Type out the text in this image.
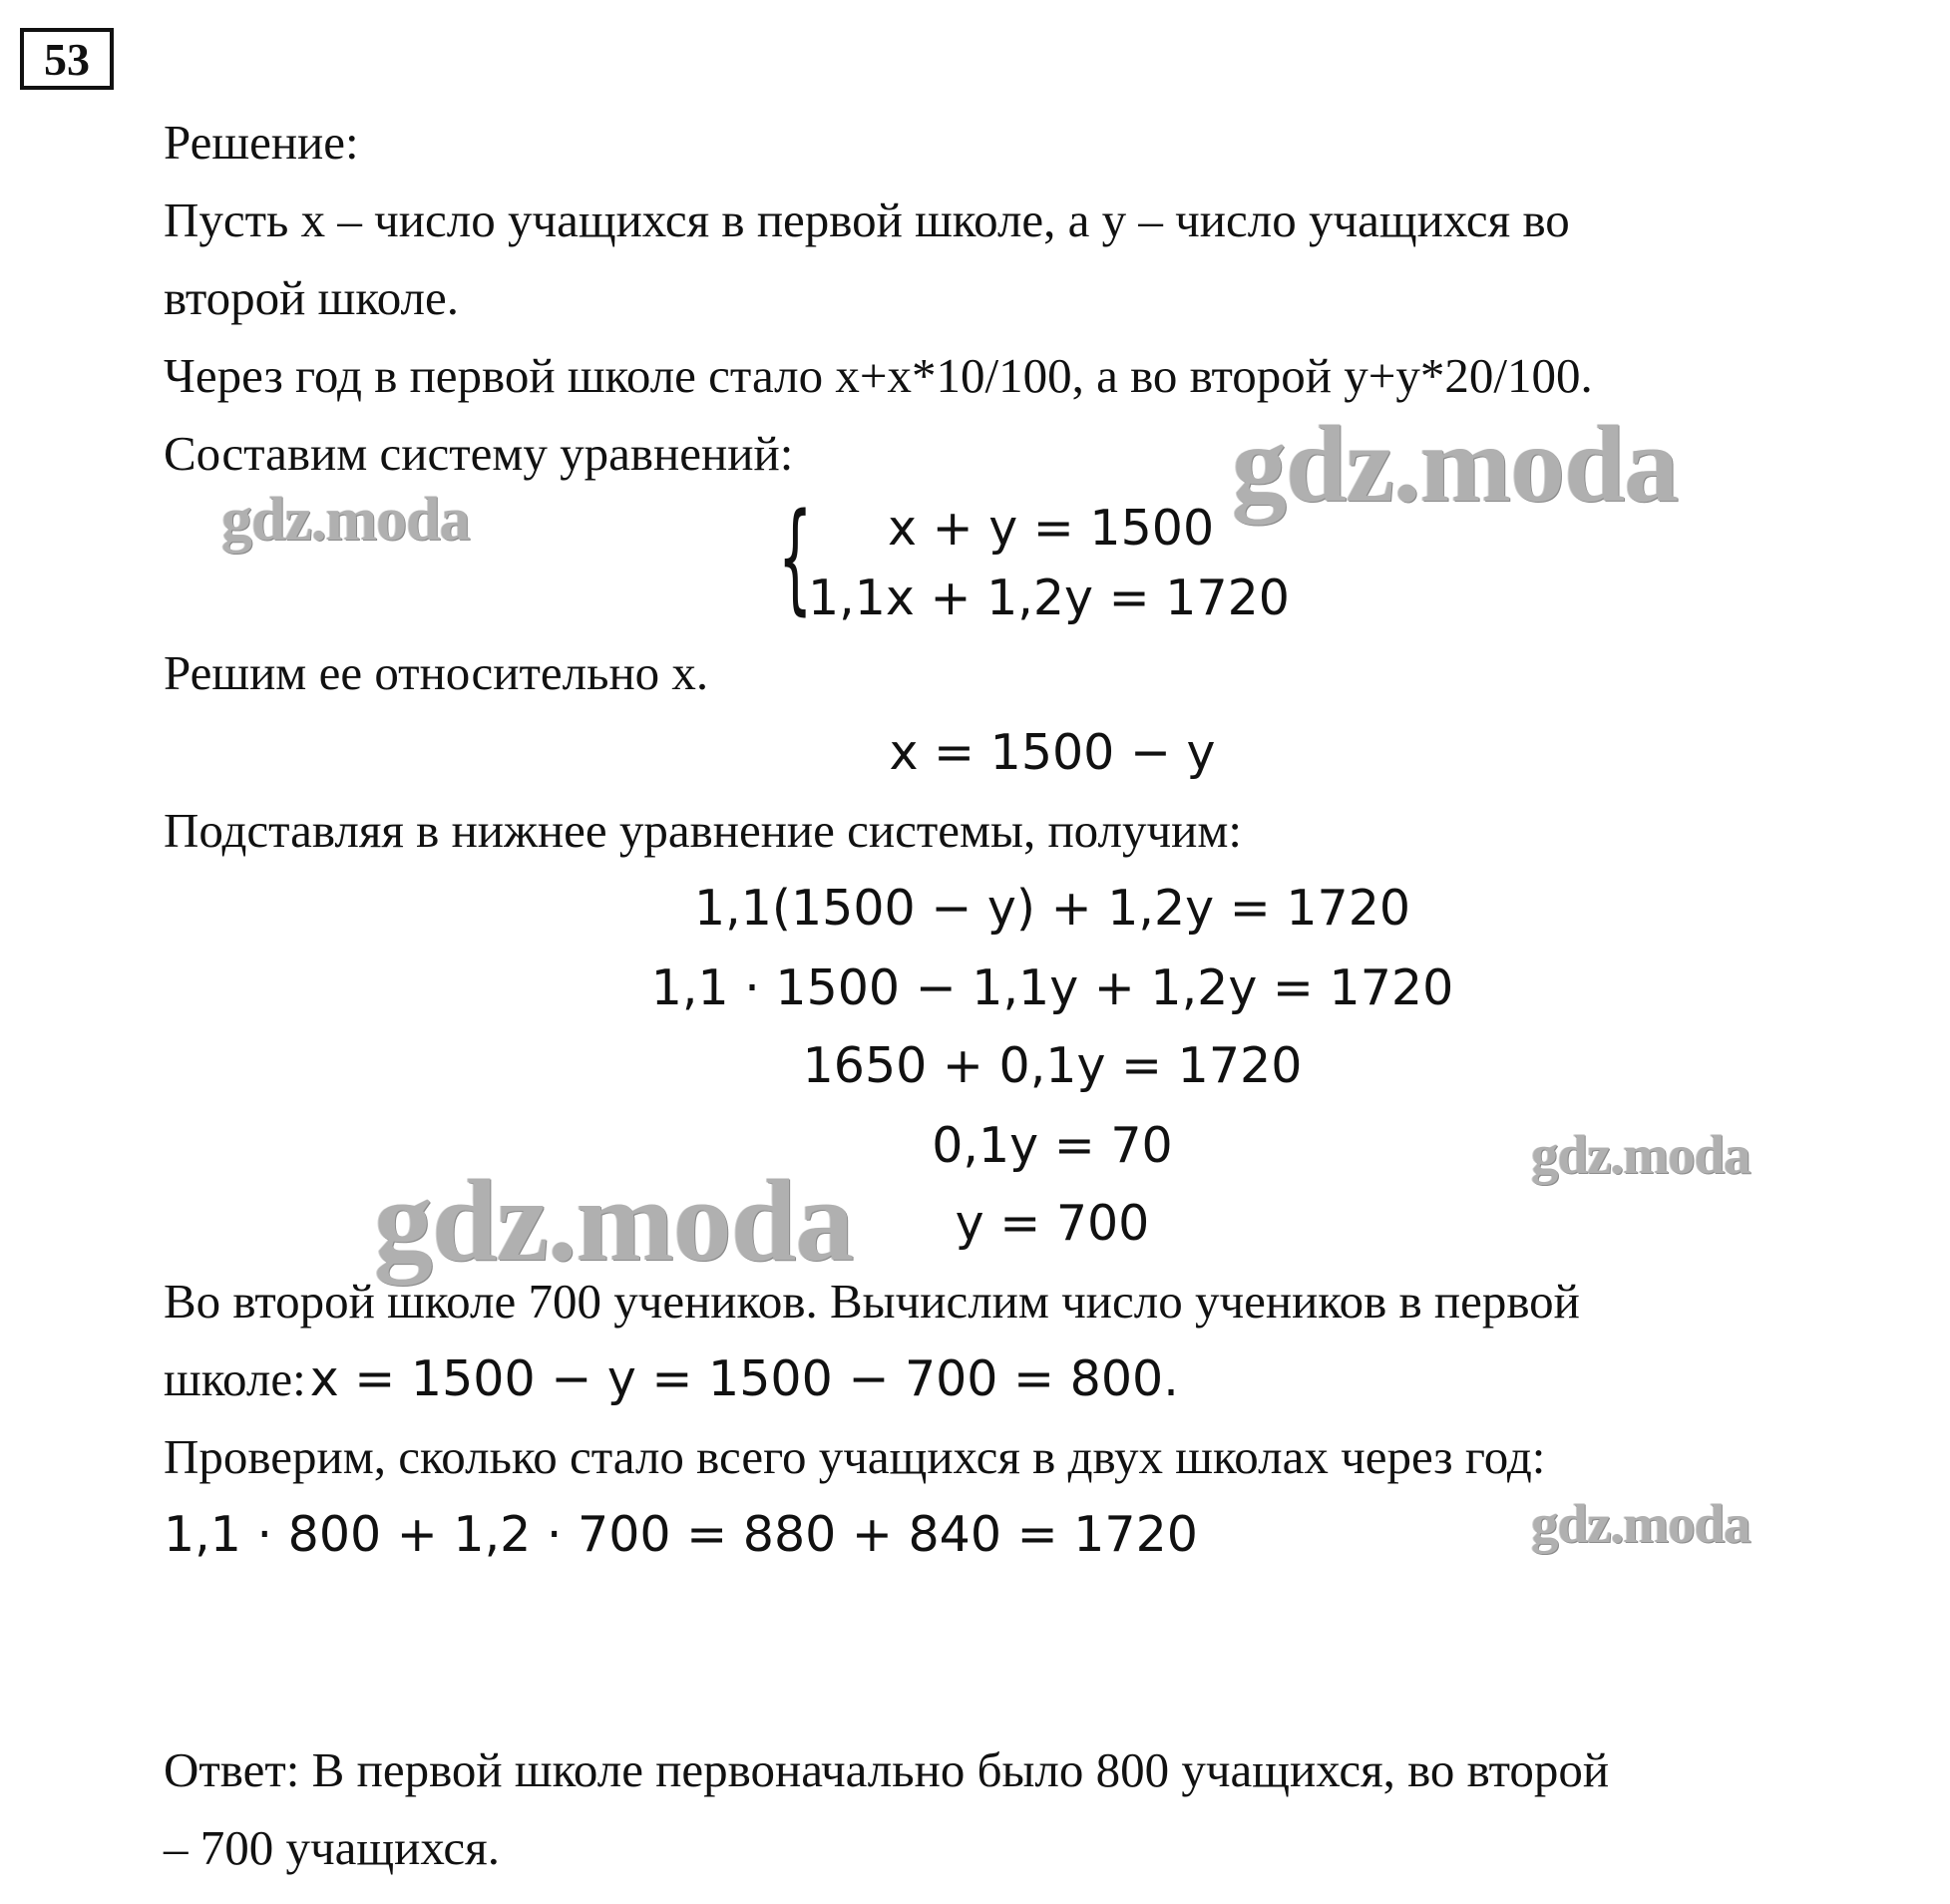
53
Решение:
Пусть x – число учащихся в первой школе, а y – число учащихся во
второй школе.
Через год в первой школе стало x+x*10/100, а во второй y+y*20/100.
Составим систему уравнений:
{ x + y = 1500
1,1x + 1,2y = 1720
Решим ее относительно x.
x = 1500 − y
Подставляя в нижнее уравнение системы, получим:
1,1(1500 − y) + 1,2y = 1720
1,1 · 1500 − 1,1y + 1,2y = 1720
1650 + 0,1y = 1720
0,1y = 70
y = 700
Во второй школе 700 учеников. Вычислим число учеников в первой
школе: x = 1500 − y = 1500 − 700 = 800.
Проверим, сколько стало всего учащихся в двух школах через год:
1,1 · 800 + 1,2 · 700 = 880 + 840 = 1720
Ответ: В первой школе первоначально было 800 учащихся, во второй
– 700 учащихся.
gdz.moda
gdz.moda
gdz.moda
gdz.moda
gdz.moda
